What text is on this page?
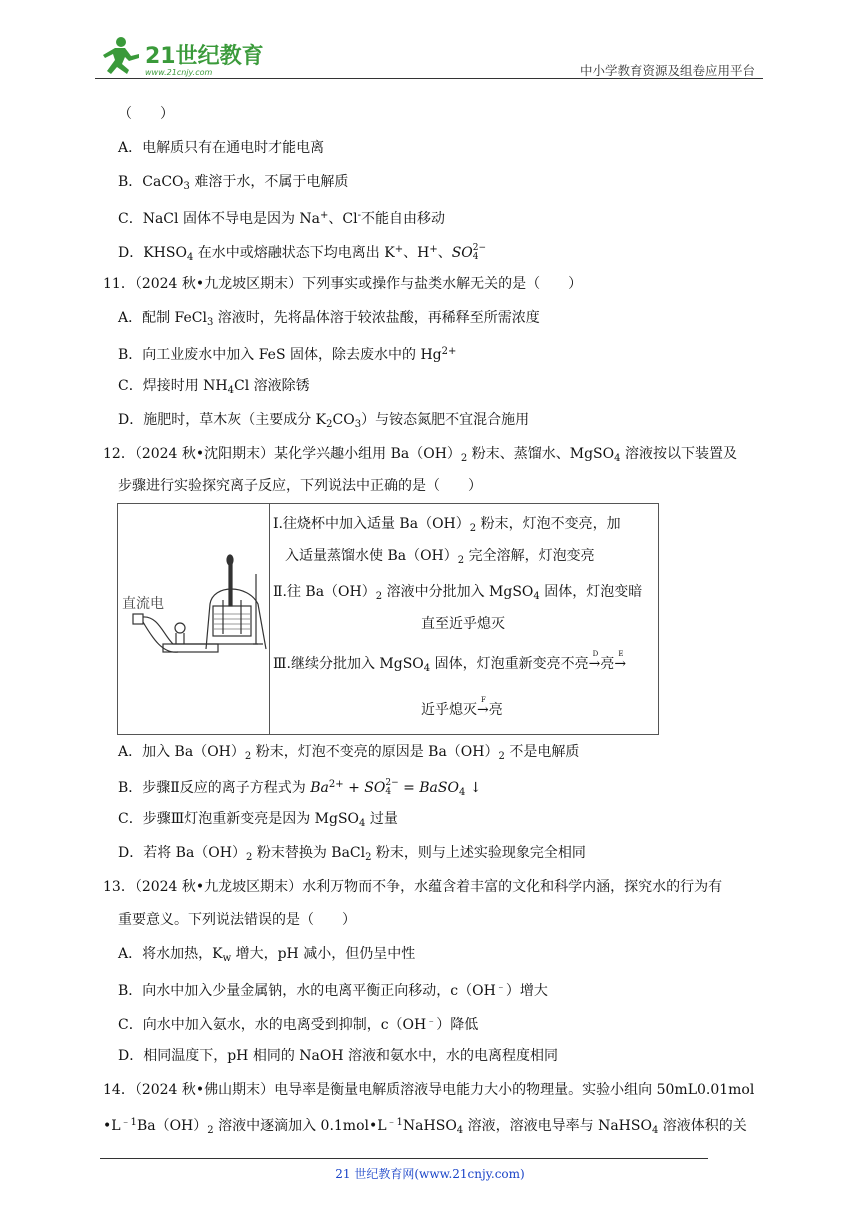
21世纪教育
www.21cnjy.com	中小学教育资源及组卷应用平台
（　　）
A．电解质只有在通电时才能电离
B．CaCO$_3$ 难溶于水，不属于电解质
C．NaCl 固体不导电是因为 Na+、Cl-不能自由移动
D．$KHSO_4$ 在水中或熔融状态下均电离出 K+、H+、SO 2−
4
11．（2024 秋•九龙坡区期末）下列事实或操作与盐类水解无关的是（　　）
A．配制 FeCl$_3$ 溶液时，先将晶体溶于较浓盐酸，再稀释至所需浓度
B．向工业废水中加入 FeS 固体，除去废水中的 $Hg^{2+}$
C．焊接时用 $NH_4Cl$ 溶液除锈
D．施肥时，草木灰（主要成分 $K_2CO_3$）与铵态氮肥不宜混合施用
12．（2024 秋•沈阳期末）某化学兴趣小组用 $Ba(OH)_2$ 粉末、蒸馏水、MgSO$_4$ 溶液按以下装置及
步骤进行实验探究离子反应，下列说法中正确的是（　　）
直流电
Ⅰ.往烧杯中加入适量 $Ba(OH)_2$ 粉末，灯泡不变亮，加
入适量蒸馏水使 $Ba(OH)_2$ 完全溶解，灯泡变亮
Ⅱ.往 $Ba(OH)_2$ 溶液中分批加入 MgSO$_4$ 固体，灯泡变暗
直至近乎熄灭
Ⅲ.继续分批加入 MgSO$_4$ 固体，灯泡重新变亮不亮→
D
亮→
E
近乎熄灭→
F
亮
A．加入 $Ba(OH)_2$ 粉末，灯泡不变亮的原因是 $Ba(OH)_2$ 不是电解质
B．步骤Ⅱ反应的离子方程式为 $Ba^{2+}$ + SO 2−
4 = BaSO$_4$ ↓
C．步骤Ⅲ灯泡重新变亮是因为 MgSO$_4$ 过量
D．若将 $Ba(OH)_2$ 粉末替换为 BaCl$_2$ 粉末，则与上述实验现象完全相同
13．（2024 秋•九龙坡区期末）水利万物而不争，水蕴含着丰富的文化和科学内涵，探究水的行为有
重要意义。下列说法错误的是（　　）
A．将水加热，$K_w$ 增大，pH 减小，但仍呈中性
B．向水中加入少量金属钠，水的电离平衡正向移动，c（OH﹣）增大
C．向水中加入氨水，水的电离受到抑制，c（OH﹣）降低
D．相同温度下，pH 相同的 NaOH 溶液和氨水中，水的电离程度相同
14．（2024 秋•佛山期末）电导率是衡量电解质溶液导电能力大小的物理量。实验小组向 50mL0.01mol
$•L^{﹣1}Ba(OH)_2$ 溶液中逐滴加入 $0.1mol•L^{﹣1}NaHSO_4$ 溶液，溶液电导率与 NaHSO$_4$ 溶液体积的关
21 世纪教育网(www.21cnjy.com)
